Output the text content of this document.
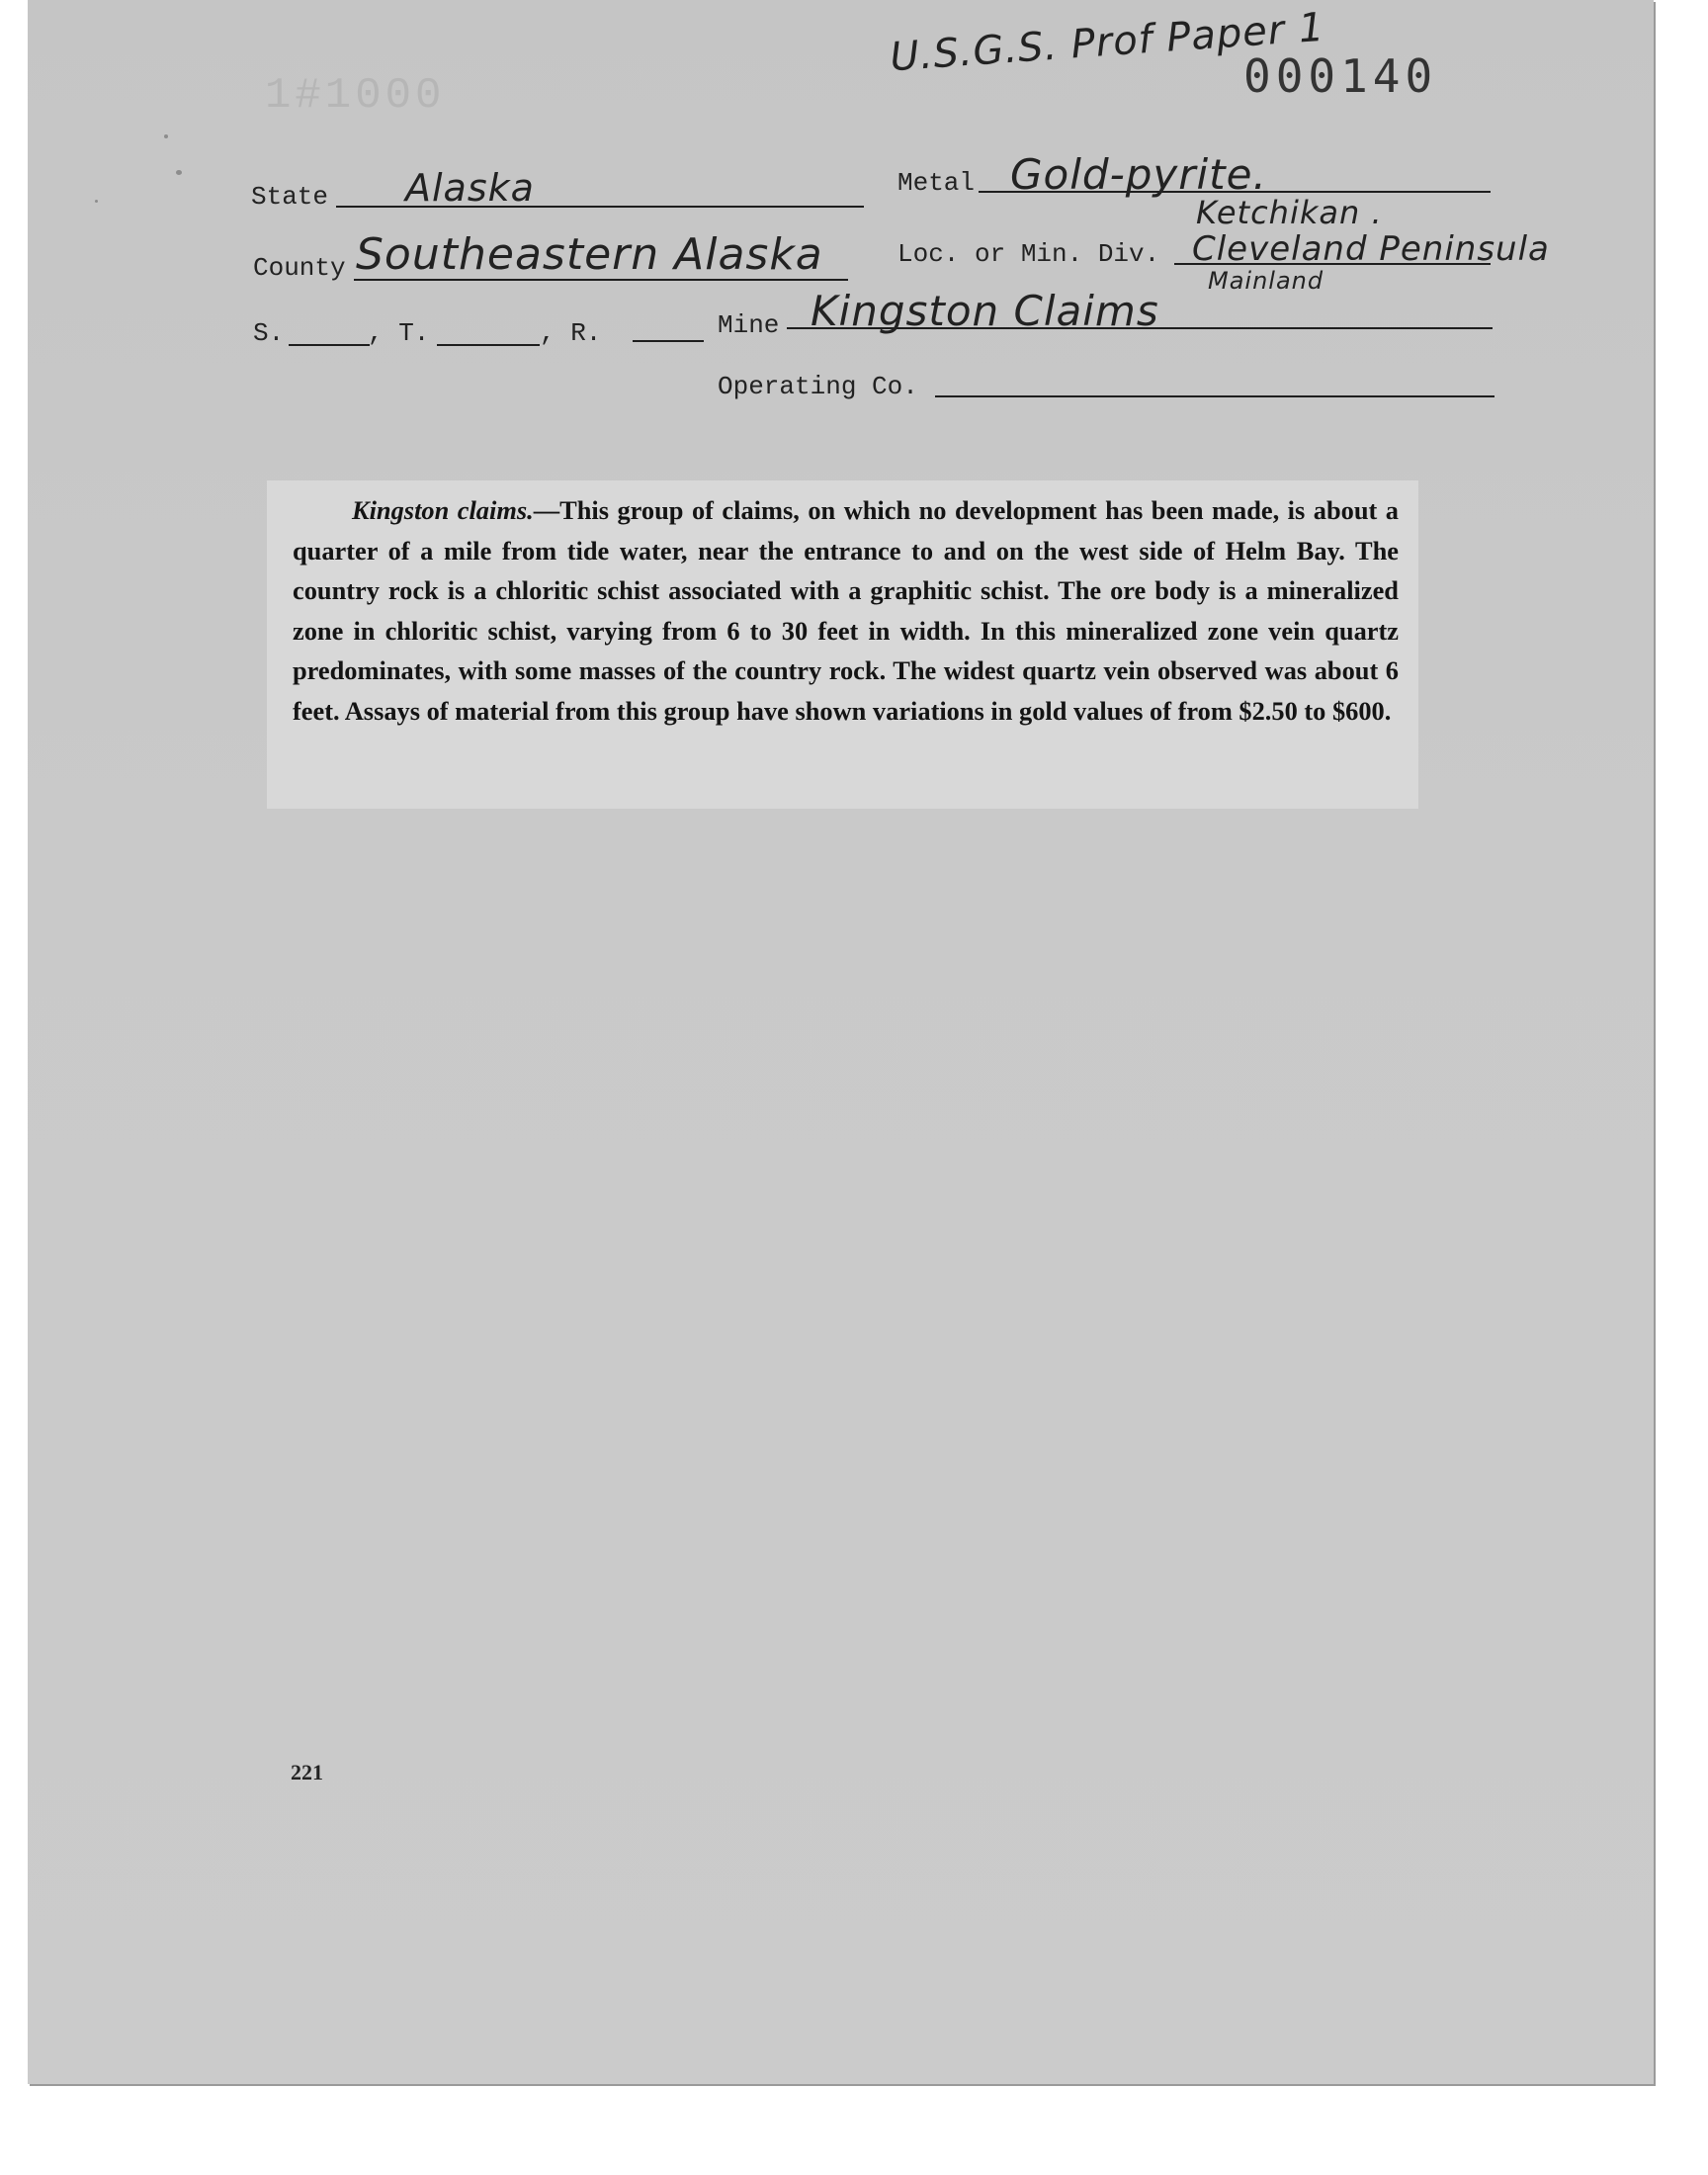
U.S.G.S. Prof Paper 1
1#1000	000140
State Alaska	Metal Gold-pyrite.
County Southeastern Alaska	Loc. or Min. Div.
Ketchikan .
Cleveland Peninsula
Mainland
S.	, T.	, R.	Mine Kingston Claims
Operating Co.

Kingston claims.—This group of claims, on which no development has been made, is about a quarter of a mile from tide water, near the entrance to and on the west side of Helm Bay. The country rock is a chloritic schist associated with a graphitic schist. The ore body is a mineralized zone in chloritic schist, varying from 6 to 30 feet in width. In this mineralized zone vein quartz predominates, with some masses of the country rock. The widest quartz vein observed was about 6 feet. Assays of material from this group have shown variations in gold values of from $2.50 to $600.

221
